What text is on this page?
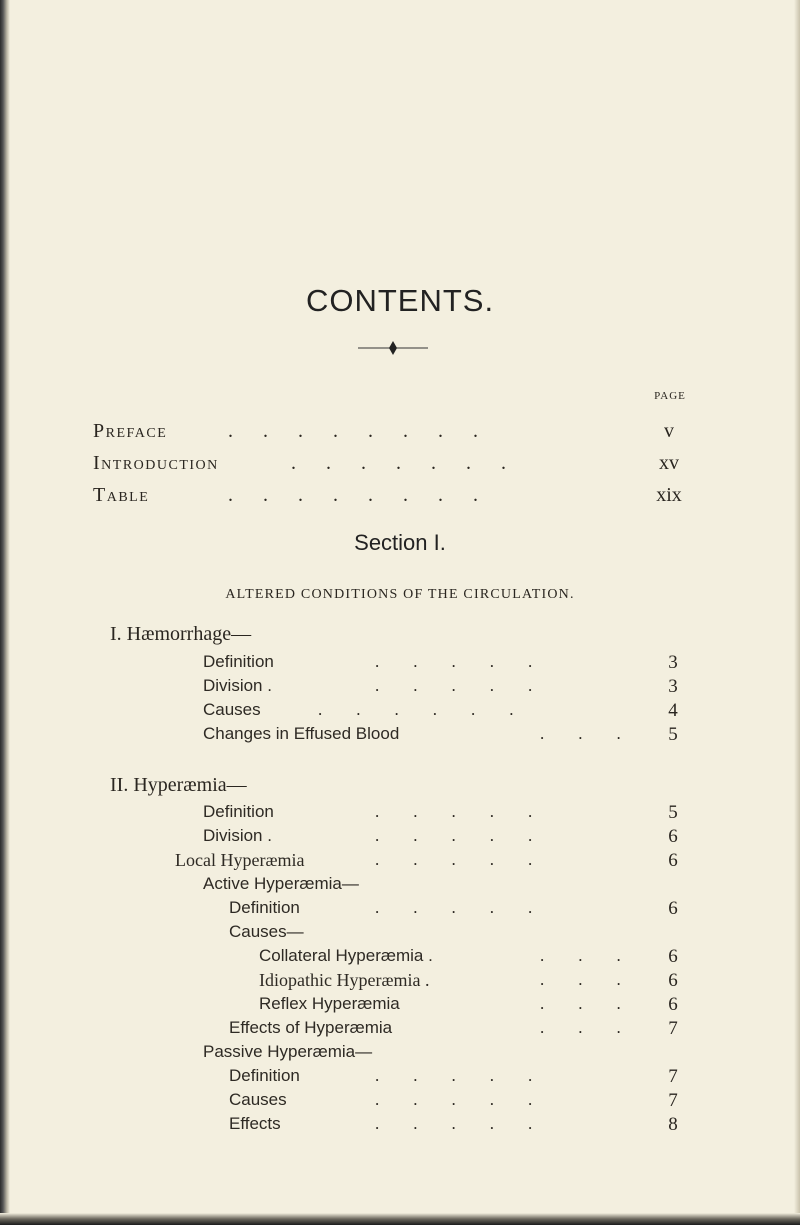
CONTENTS.
PAGE
Preface	.      .      .      .      .      .      .      .	v
Introduction	.      .      .      .      .      .      .	xv
Table	.      .      .      .      .      .      .      .	xix
Section I.
ALTERED CONDITIONS OF THE CIRCULATION.
I. Hæmorrhage—
Definition	.        .        .        .        .	3
Division .	.        .        .        .        .	3
Causes	.        .        .        .        .        .	4
Changes in Effused Blood	.        .        .	5
II. Hyperæmia—
Definition	.        .        .        .        .	5
Division .	.        .        .        .        .	6
Local Hyperæmia	.        .        .        .        .	6
Active Hyperæmia—
Definition	.        .        .        .        .	6
Causes—
Collateral Hyperæmia .	.        .        .	6
Idiopathic Hyperæmia .	.        .        .	6
Reflex Hyperæmia	.        .        .	6
Effects of Hyperæmia	.        .        .	7
Passive Hyperæmia—
Definition	.        .        .        .        .	7
Causes	.        .        .        .        .	7
Effects	.        .        .        .        .	8
